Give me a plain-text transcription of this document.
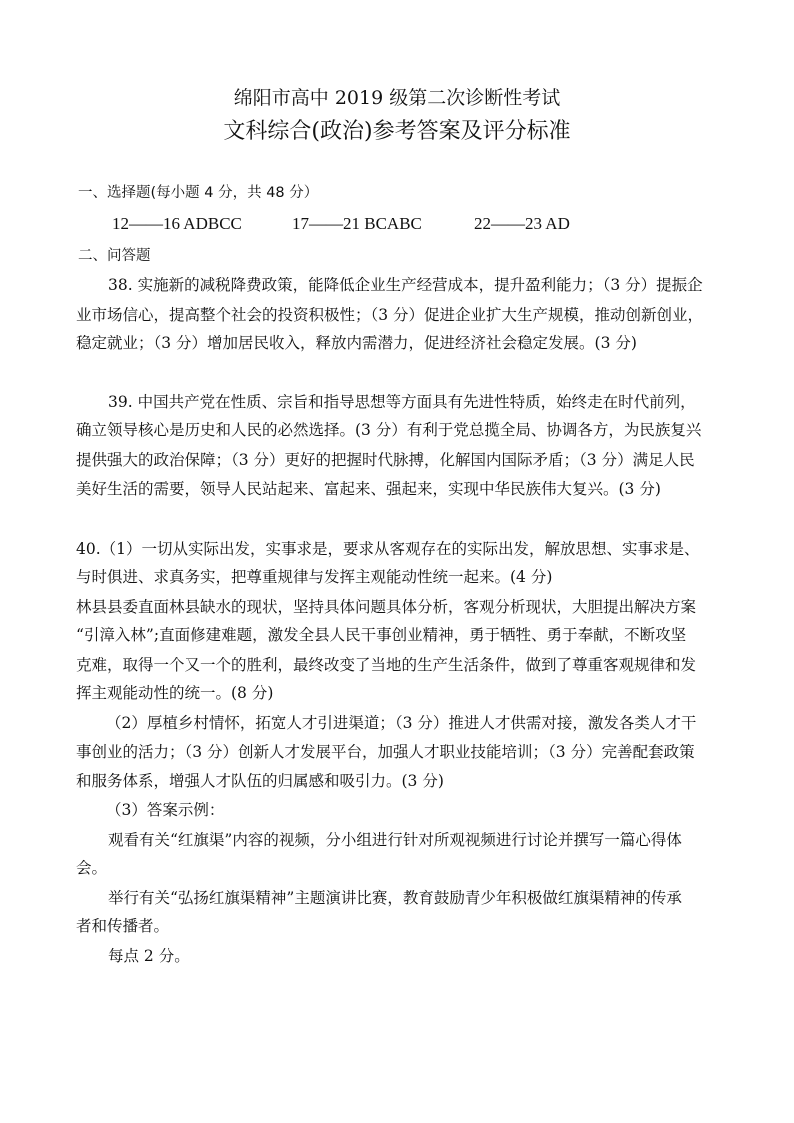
绵阳市高中 2019 级第二次诊断性考试
文科综合(政治)参考答案及评分标准
一、选择题(每小题 4 分，共 48 分）
12——16 ADBCC	17——21 BCABC	22——23 AD
二、问答题
38. 实施新的减税降费政策，能降低企业生产经营成本，提升盈利能力；（3 分）提振企
业市场信心，提高整个社会的投资积极性；（3 分）促进企业扩大生产规模，推动创新创业，
稳定就业；（3 分）增加居民收入，释放内需潜力，促进经济社会稳定发展。(3 分)
39. 中国共产党在性质、宗旨和指导思想等方面具有先进性特质，始终走在时代前列，
确立领导核心是历史和人民的必然选择。(3 分）有利于党总揽全局、协调各方，为民族复兴
提供强大的政治保障；（3 分）更好的把握时代脉搏，化解国内国际矛盾；（3 分）满足人民
美好生活的需要，领导人民站起来、富起来、强起来，实现中华民族伟大复兴。(3 分)
40.（1）一切从实际出发，实事求是，要求从客观存在的实际出发，解放思想、实事求是、
与时俱进、求真务实，把尊重规律与发挥主观能动性统一起来。(4 分)
林县县委直面林县缺水的现状，坚持具体问题具体分析，客观分析现状，大胆提出解决方案
“引漳入林”;直面修建难题，激发全县人民干事创业精神，勇于牺牲、勇于奉献，不断攻坚
克难，取得一个又一个的胜利，最终改变了当地的生产生活条件，做到了尊重客观规律和发
挥主观能动性的统一。(8 分)
（2）厚植乡村情怀，拓宽人才引进渠道；（3 分）推进人才供需对接，激发各类人才干
事创业的活力；（3 分）创新人才发展平台，加强人才职业技能培训；（3 分）完善配套政策
和服务体系，增强人才队伍的归属感和吸引力。(3 分)
（3）答案示例：
观看有关“红旗渠”内容的视频，分小组进行针对所观视频进行讨论并撰写一篇心得体
会。
举行有关“弘扬红旗渠精神”主题演讲比赛，教育鼓励青少年积极做红旗渠精神的传承
者和传播者。
每点 2 分。
